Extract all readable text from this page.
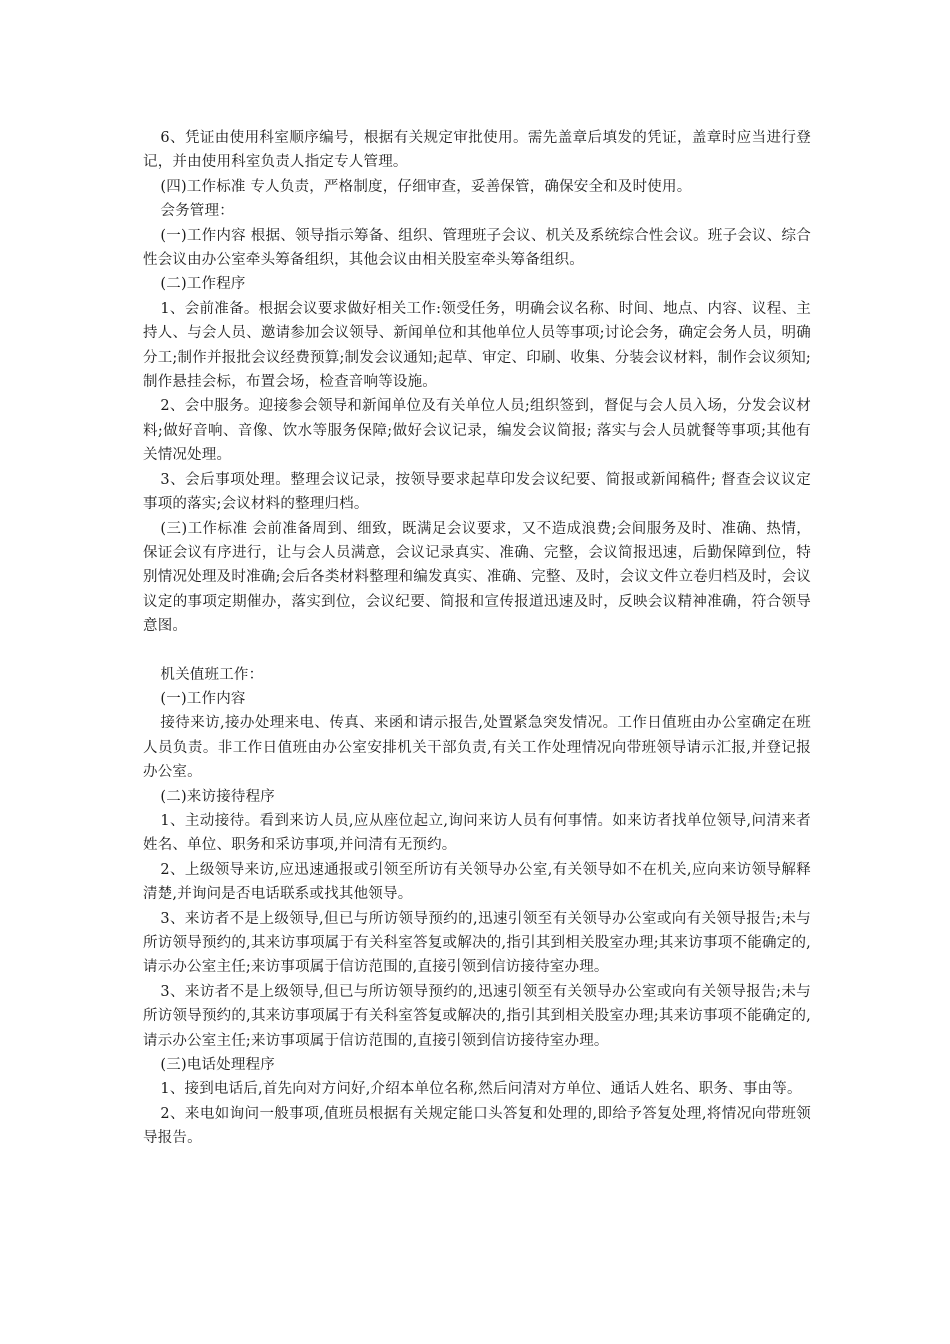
6、凭证由使用科室顺序编号，根据有关规定审批使用。需先盖章后填发的凭证，盖章时应当进行登记，并由使用科室负责人指定专人管理。

(四)工作标准 专人负责，严格制度，仔细审查，妥善保管，确保安全和及时使用。

会务管理：

(一)工作内容 根据、领导指示筹备、组织、管理班子会议、机关及系统综合性会议。班子会议、综合性会议由办公室牵头筹备组织，其他会议由相关股室牵头筹备组织。

(二)工作程序

1、会前准备。根据会议要求做好相关工作:领受任务，明确会议名称、时间、地点、内容、议程、主持人、与会人员、邀请参加会议领导、新闻单位和其他单位人员等事项;讨论会务，确定会务人员，明确分工;制作并报批会议经费预算;制发会议通知;起草、审定、印刷、收集、分装会议材料，制作会议须知;制作悬挂会标，布置会场，检查音响等设施。

2、会中服务。迎接参会领导和新闻单位及有关单位人员;组织签到，督促与会人员入场，分发会议材料;做好音响、音像、饮水等服务保障;做好会议记录，编发会议简报; 落实与会人员就餐等事项;其他有关情况处理。

3、会后事项处理。整理会议记录，按领导要求起草印发会议纪要、简报或新闻稿件; 督查会议议定事项的落实;会议材料的整理归档。

(三)工作标准 会前准备周到、细致，既满足会议要求，又不造成浪费;会间服务及时、准确、热情，保证会议有序进行，让与会人员满意，会议记录真实、准确、完整，会议简报迅速，后勤保障到位，特别情况处理及时准确;会后各类材料整理和编发真实、准确、完整、及时，会议文件立卷归档及时，会议议定的事项定期催办，落实到位，会议纪要、简报和宣传报道迅速及时，反映会议精神准确，符合领导意图。

机关值班工作：

(一)工作内容

接待来访,接办处理来电、传真、来函和请示报告,处置紧急突发情况。工作日值班由办公室确定在班人员负责。非工作日值班由办公室安排机关干部负责,有关工作处理情况向带班领导请示汇报,并登记报办公室。

(二)来访接待程序

1、主动接待。看到来访人员,应从座位起立,询问来访人员有何事情。如来访者找单位领导,问清来者姓名、单位、职务和采访事项,并问清有无预约。

2、上级领导来访,应迅速通报或引领至所访有关领导办公室,有关领导如不在机关,应向来访领导解释清楚,并询问是否电话联系或找其他领导。

3、来访者不是上级领导,但已与所访领导预约的,迅速引领至有关领导办公室或向有关领导报告;未与所访领导预约的,其来访事项属于有关科室答复或解决的,指引其到相关股室办理;其来访事项不能确定的,请示办公室主任;来访事项属于信访范围的,直接引领到信访接待室办理。

3、来访者不是上级领导,但已与所访领导预约的,迅速引领至有关领导办公室或向有关领导报告;未与所访领导预约的,其来访事项属于有关科室答复或解决的,指引其到相关股室办理;其来访事项不能确定的,请示办公室主任;来访事项属于信访范围的,直接引领到信访接待室办理。

(三)电话处理程序

1、接到电话后,首先向对方问好,介绍本单位名称,然后问清对方单位、通话人姓名、职务、事由等。

2、来电如询问一般事项,值班员根据有关规定能口头答复和处理的,即给予答复处理,将情况向带班领导报告。
